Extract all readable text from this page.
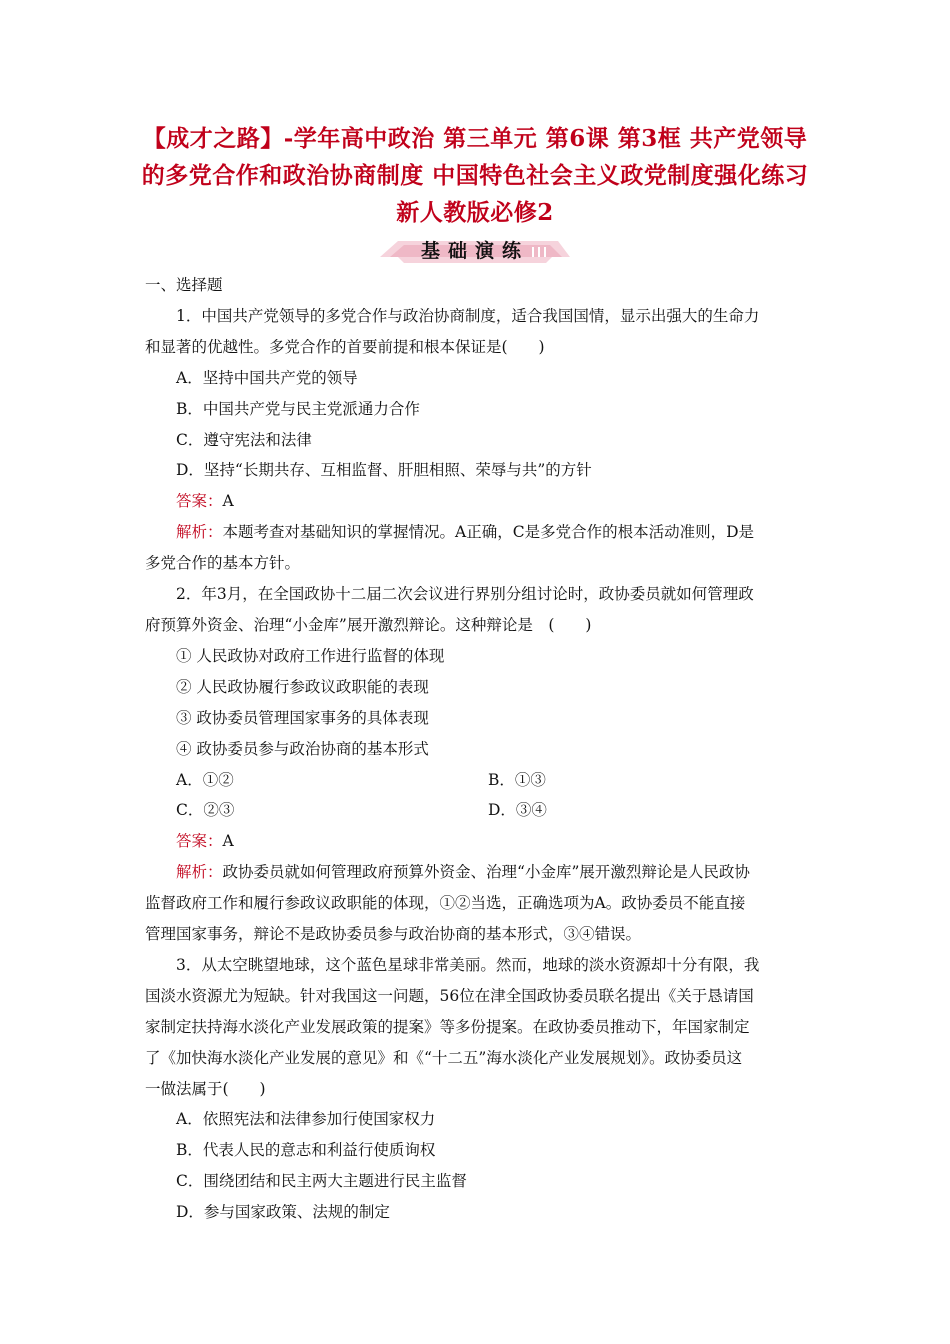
【成才之路】-学年高中政治 第三单元 第6课 第3框 共产党领导
的多党合作和政治协商制度 中国特色社会主义政党制度强化练习
新人教版必修2
基础演练
一、选择题
1．中国共产党领导的多党合作与政治协商制度，适合我国国情，显示出强大的生命力
和显著的优越性。多党合作的首要前提和根本保证是(　　)
A．坚持中国共产党的领导
B．中国共产党与民主党派通力合作
C．遵守宪法和法律
D．坚持“长期共存、互相监督、肝胆相照、荣辱与共”的方针
答案：A
解析：本题考查对基础知识的掌握情况。A正确，C是多党合作的根本活动准则，D是
多党合作的基本方针。
2．年3月，在全国政协十二届二次会议进行界别分组讨论时，政协委员就如何管理政
府预算外资金、治理“小金库”展开激烈辩论。这种辩论是　(　　)
① 人民政协对政府工作进行监督的体现
② 人民政协履行参政议政职能的表现
③ 政协委员管理国家事务的具体表现
④ 政协委员参与政治协商的基本形式
A．①②	B．①③
C．②③	D．③④
答案：A
解析：政协委员就如何管理政府预算外资金、治理“小金库”展开激烈辩论是人民政协
监督政府工作和履行参政议政职能的体现，①②当选，正确选项为A。政协委员不能直接
管理国家事务，辩论不是政协委员参与政治协商的基本形式，③④错误。
3．从太空眺望地球，这个蓝色星球非常美丽。然而，地球的淡水资源却十分有限，我
国淡水资源尤为短缺。针对我国这一问题，56位在津全国政协委员联名提出《关于恳请国
家制定扶持海水淡化产业发展政策的提案》等多份提案。在政协委员推动下，年国家制定
了《加快海水淡化产业发展的意见》和《“十二五”海水淡化产业发展规划》。政协委员这
一做法属于(　　)
A．依照宪法和法律参加行使国家权力
B．代表人民的意志和利益行使质询权
C．围绕团结和民主两大主题进行民主监督
D．参与国家政策、法规的制定
